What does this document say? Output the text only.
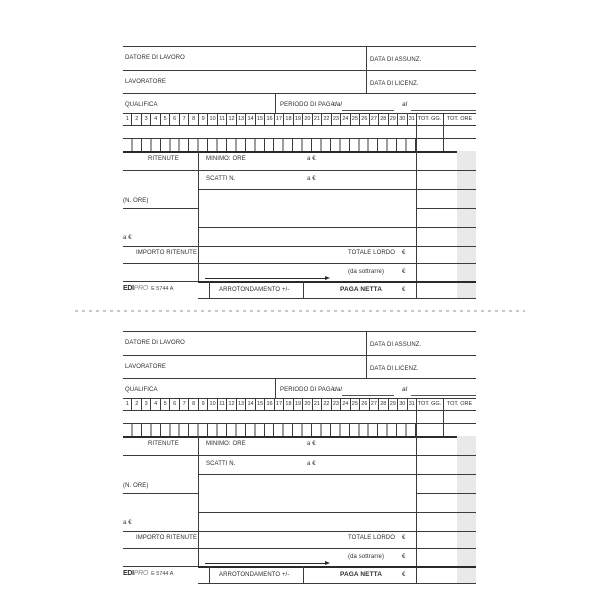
DATORE DI LAVORO	DATA DI ASSUNZ.
LAVORATORE	DATA DI LICENZ.
QUALIFICA	PERIODO DI PAGA
dal	al
1	2	3	4	5	6	7	8	9 10 11 12 13 14 15 16 17 18 19 20 21 22 23 24 25 26 27 28 29 30 31 TOT. GG.	TOT. ORE
RITENUTE	MINIMO: ORE	a €
SCATTI N.	a €
(N. ORE)
a €
IMPORTO RITENUTE	TOTALE LORDO €
(da sottrarre)	€
EDIPRO E 5744 A	ARROTONDAMENTO +/-	PAGA NETTA	€
DATORE DI LAVORO	DATA DI ASSUNZ.
LAVORATORE	DATA DI LICENZ.
QUALIFICA	PERIODO DI PAGA
dal	al
1	2	3	4	5	6	7	8	9 10 11 12 13 14 15 16 17 18 19 20 21 22 23 24 25 26 27 28 29 30 31 TOT. GG.	TOT. ORE
RITENUTE	MINIMO: ORE	a €
SCATTI N.	a €
(N. ORE)
a €
IMPORTO RITENUTE	TOTALE LORDO €
(da sottrarre)	€
EDIPRO E 5744 A	ARROTONDAMENTO +/-	PAGA NETTA	€
